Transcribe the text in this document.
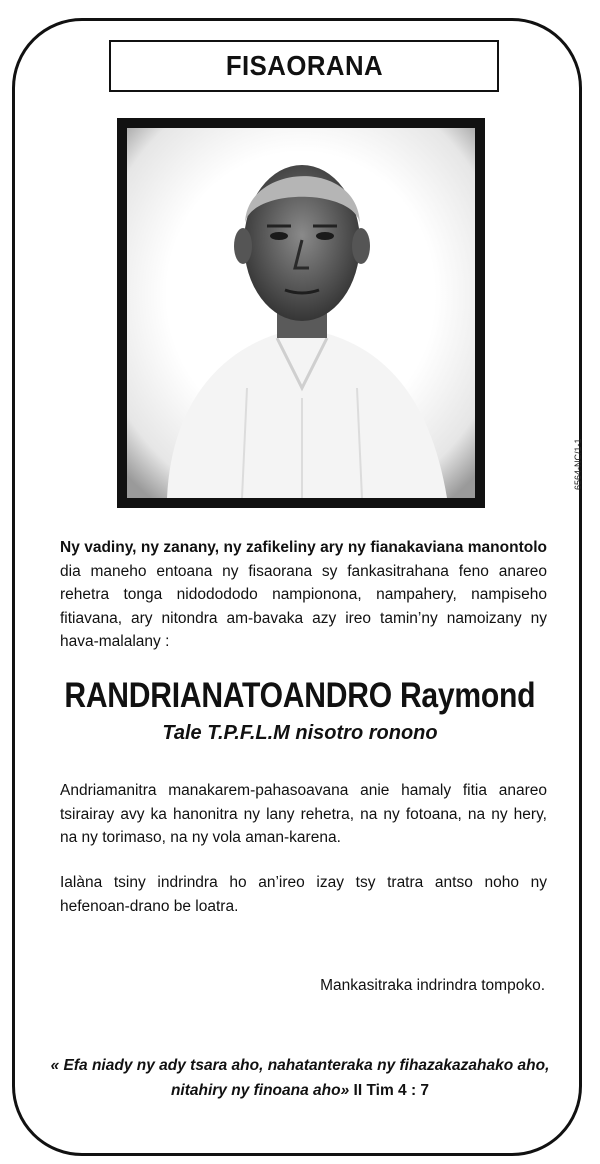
FISAORANA
6564-NC/1-1
Ny vadiny, ny zanany, ny zafikeliny ary ny fianakaviana manontolo dia maneho entoana ny fisaorana sy fankasitrahana feno anareo rehetra tonga nidodododo nampionona, nampahery, nampiseho fitiavana, ary nitondra am-bavaka azy ireo tamin’ny namoizany ny hava-malalany :
RANDRIANATOANDRO Raymond
Tale T.P.F.L.M nisotro ronono
Andriamanitra manakarem-pahasoavana anie hamaly fitia anareo tsirairay avy ka hanonitra ny lany rehetra, na ny fotoana, na ny hery, na ny torimaso, na ny vola aman-karena.
Ialàna tsiny indrindra ho an’ireo izay tsy tratra antso noho ny hefenoan-drano be loatra.
Mankasitraka indrindra tompoko.
« Efa niady ny ady tsara aho, nahatanteraka ny fihazakazahako aho,
nitahiry ny finoana aho» II Tim 4 : 7
